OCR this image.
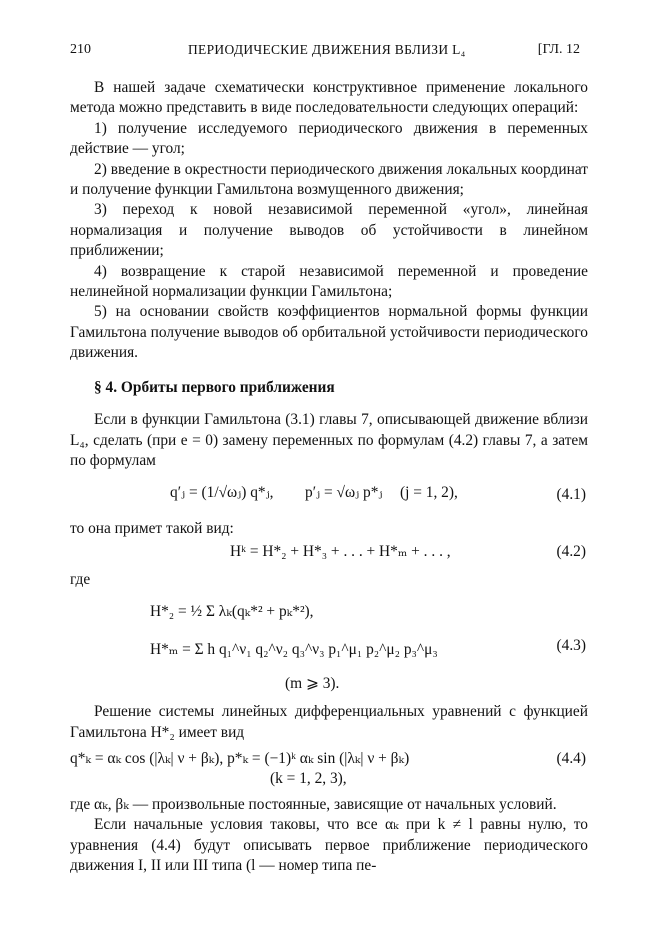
210	ПЕРИОДИЧЕСКИЕ ДВИЖЕНИЯ ВБЛИЗИ L₄	[ГЛ. 12

В нашей задаче схематически конструктивное применение локального метода можно представить в виде последовательности следующих операций:

1) получение исследуемого периодического движения в переменных действие — угол;

2) введение в окрестности периодического движения локальных координат и получение функции Гамильтона возмущенного движения;

3) переход к новой независимой переменной «угол», линейная нормализация и получение выводов об устойчивости в линейном приближении;

4) возвращение к старой независимой переменной и проведение нелинейной нормализации функции Гамильтона;

5) на основании свойств коэффициентов нормальной формы функции Гамильтона получение выводов об орбитальной устойчивости периодического движения.

§ 4. Орбиты первого приближения

Если в функции Гамильтона (3.1) главы 7, описывающей движение вблизи L₄, сделать (при e = 0) замену переменных по формулам (4.2) главы 7, а затем по формулам

q′ⱼ = (1/√ωⱼ) q*ⱼ, p′ⱼ = √ωⱼ p*ⱼ (j = 1, 2),	(4.1)

то она примет такой вид:

Hᵏ = H*₂ + H*₃ + . . . + H*ₘ + . . . ,	(4.2)

где

H*₂ = ½ Σ λₖ(qₖ*² + pₖ*²),
H*ₘ = Σ h q₁^ν₁ q₂^ν₂ q₃^ν₃ p₁^μ₁ p₂^μ₂ p₃^μ₃
(m ⩾ 3).
(4.3)

Решение системы линейных дифференциальных уравнений с функцией Гамильтона H*₂ имеет вид

q*ₖ = αₖ cos (|λₖ| ν + βₖ), p*ₖ = (−1)ᵏ αₖ sin (|λₖ| ν + βₖ)
(k = 1, 2, 3),
(4.4)

где αₖ, βₖ — произвольные постоянные, зависящие от начальных условий.

Если начальные условия таковы, что все αₖ при k ≠ l равны нулю, то уравнения (4.4) будут описывать первое приближение периодического движения I, II или III типа (l — номер типа пе-
